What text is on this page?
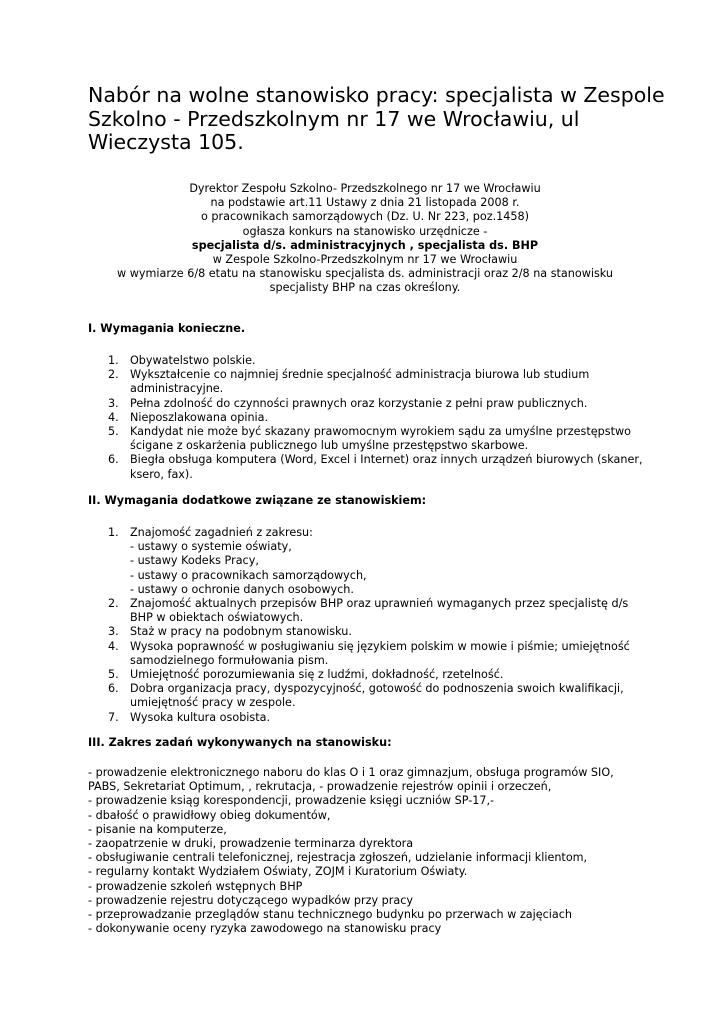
Nabór na wolne stanowisko pracy: specjalista w Zespole Szkolno - Przedszkolnym nr 17 we Wrocławiu, ul Wieczysta 105.
Dyrektor Zespołu Szkolno- Przedszkolnego nr 17 we Wrocławiu
na podstawie art.11 Ustawy z dnia 21 listopada 2008 r.
o pracownikach samorządowych (Dz. U. Nr 223, poz.1458)
ogłasza konkurs na stanowisko urzędnicze -
specjalista d/s. administracyjnych , specjalista ds. BHP
w Zespole Szkolno-Przedszkolnym nr 17 we Wrocławiu
w wymiarze 6/8 etatu na stanowisku specjalista ds. administracji oraz 2/8 na stanowisku
specjalisty BHP na czas określony.
I. Wymagania konieczne.
1. Obywatelstwo polskie.
2. Wykształcenie co najmniej średnie specjalność administracja biurowa lub studium administracyjne.
3. Pełna zdolność do czynności prawnych oraz korzystanie z pełni praw publicznych.
4. Nieposzlakowana opinia.
5. Kandydat nie może być skazany prawomocnym wyrokiem sądu za umyślne przestępstwo ścigane z oskarżenia publicznego lub umyślne przestępstwo skarbowe.
6. Biegła obsługa komputera (Word, Excel i Internet) oraz innych urządzeń biurowych (skaner, ksero, fax).
II. Wymagania dodatkowe związane ze stanowiskiem:
1. Znajomość zagadnień z zakresu:
- ustawy o systemie oświaty,
- ustawy Kodeks Pracy,
- ustawy o pracownikach samorządowych,
- ustawy o ochronie danych osobowych.
2. Znajomość aktualnych przepisów BHP oraz uprawnień wymaganych przez specjalistę d/s BHP w obiektach oświatowych.
3. Staż w pracy na podobnym stanowisku.
4. Wysoka poprawność w posługiwaniu się językiem polskim w mowie i piśmie; umiejętność samodzielnego formułowania pism.
5. Umiejętność porozumiewania się z ludźmi, dokładność, rzetelność.
6. Dobra organizacja pracy, dyspozycyjność, gotowość do podnoszenia swoich kwalifikacji, umiejętność pracy w zespole.
7. Wysoka kultura osobista.
III. Zakres zadań wykonywanych na stanowisku:
- prowadzenie elektronicznego naboru do klas O i 1 oraz gimnazjum, obsługa programów SIO,
PABS, Sekretariat Optimum, , rekrutacja, - prowadzenie rejestrów opinii i orzeczeń,
- prowadzenie ksiąg korespondencji, prowadzenie księgi uczniów SP-17,-
- dbałość o prawidłowy obieg dokumentów,
- pisanie na komputerze,
- zaopatrzenie w druki, prowadzenie terminarza dyrektora
- obsługiwanie centrali telefonicznej, rejestracja zgłoszeń, udzielanie informacji klientom,
- regularny kontakt Wydziałem Oświaty, ZOJM i Kuratorium Oświaty.
- prowadzenie szkoleń wstępnych BHP
- prowadzenie rejestru dotyczącego wypadków przy pracy
- przeprowadzanie przeglądów stanu technicznego budynku po przerwach w zajęciach
- dokonywanie oceny ryzyka zawodowego na stanowisku pracy
